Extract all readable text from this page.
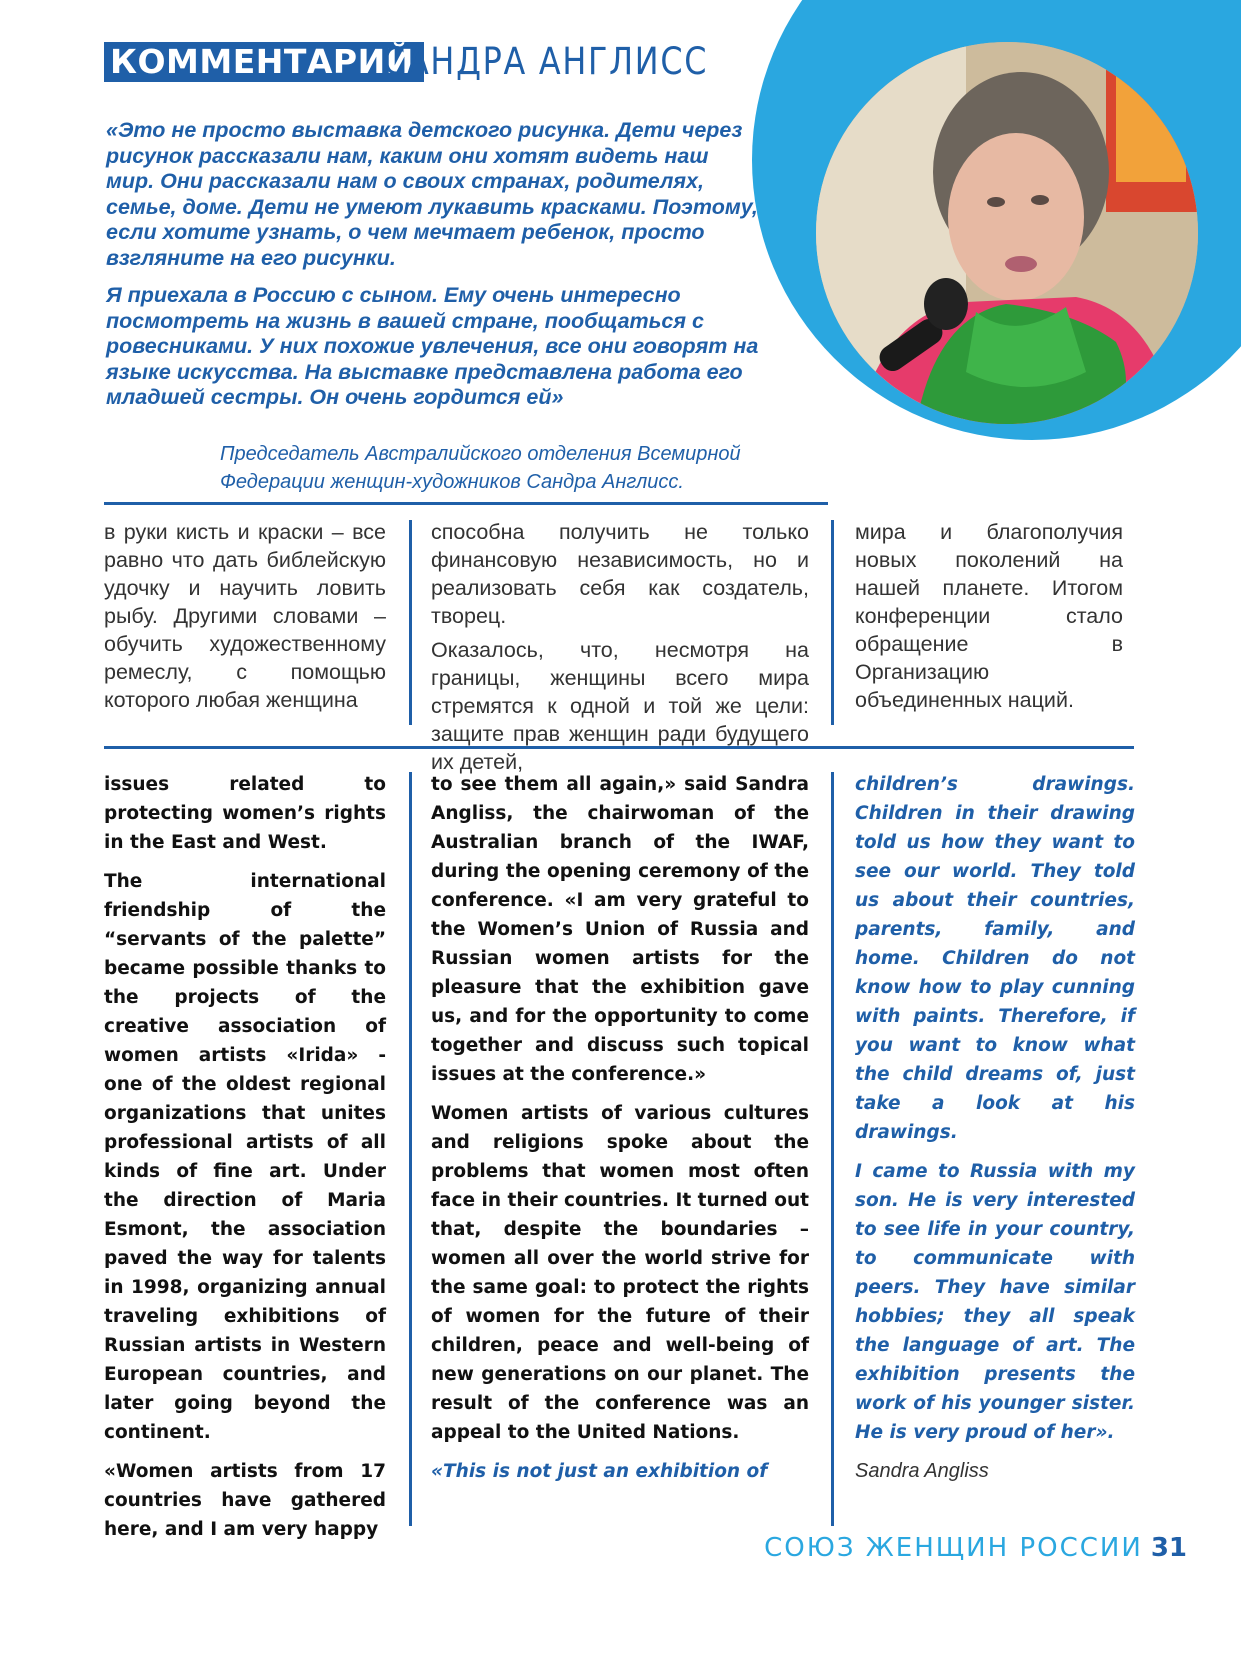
КОММЕНТАРИЙ
САНДРА АНГЛИСС

«Это не просто выставка детского рисунка. Дети через рисунок рассказали нам, каким они хотят видеть наш мир. Они рассказали нам о своих странах, родителях, семье, доме. Дети не умеют лукавить красками. Поэтому, если хотите узнать, о чем мечтает ребенок, просто взгляните на его рисунки.

Я приехала в Россию с сыном. Ему очень интересно посмотреть на жизнь в вашей стране, пообщаться с ровесниками. У них похожие увлечения, все они говорят на языке искусства. На выставке представлена работа его младшей сестры. Он очень гордится ей»

Председатель Австралийского отделения Всемирной

Федерации женщин-художников Сандра Англисс.

в руки кисть и краски – все равно что дать библейскую удочку и научить ловить рыбу. Другими словами – обучить художественному ремеслу, с помощью которого любая женщина

способна получить не только финансовую независимость, но и реализовать себя как создатель, творец.

Оказалось, что, несмотря на границы, женщины всего мира стремятся к одной и той же цели: защите прав женщин ради будущего их детей,

мира и благополучия новых поколений на нашей планете. Итогом конференции стало обращение в Организацию объединенных наций.

issues related to protecting women’s rights in the East and West.

The international friendship of the “servants of the palette” became possible thanks to the projects of the creative association of women artists «Irida» - one of the oldest regional organizations that unites professional artists of all kinds of fine art. Under the direction of Maria Esmont, the association paved the way for talents in 1998, organizing annual traveling exhibitions of Russian artists in Western European countries, and later going beyond the continent.

«Women artists from 17 countries have gathered here, and I am very happy

to see them all again,» said Sandra Angliss, the chairwoman of the Australian branch of the IWAF, during the opening ceremony of the conference. «I am very grateful to the Women’s Union of Russia and Russian women artists for the pleasure that the exhibition gave us, and for the opportunity to come together and discuss such topical issues at the conference.»

Women artists of various cultures and religions spoke about the problems that women most often face in their countries. It turned out that, despite the boundaries – women all over the world strive for the same goal: to protect the rights of women for the future of their children, peace and well-being of new generations on our planet. The result of the conference was an appeal to the United Nations.

«This is not just an exhibition of

children’s drawings. Children in their drawing told us how they want to see our world. They told us about their countries, parents, family, and home. Children do not know how to play cunning with paints. Therefore, if you want to know what the child dreams of, just take a look at his drawings.

I came to Russia with my son. He is very interested to see life in your country, to communicate with peers. They have similar hobbies; they all speak the language of art. The exhibition presents the work of his younger sister. He is very proud of her».

Sandra Angliss

СОЮЗ ЖЕНЩИН РОССИИ 31
